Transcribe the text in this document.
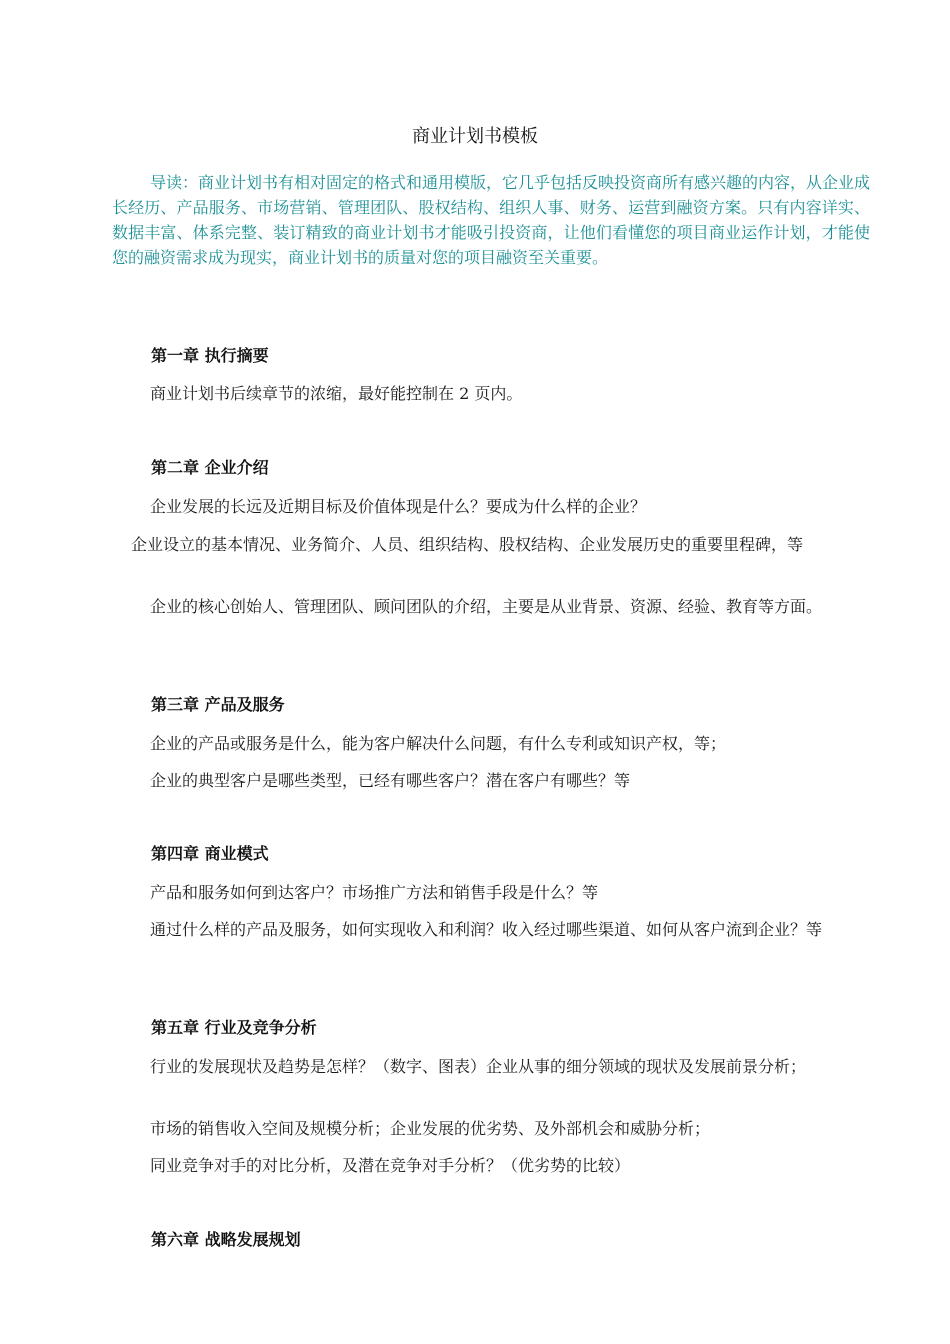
商业计划书模板

导读：商业计划书有相对固定的格式和通用模版，它几乎包括反映投资商所有感兴趣的内容，从企业成长经历、产品服务、市场营销、管理团队、股权结构、组织人事、财务、运营到融资方案。只有内容详实、数据丰富、体系完整、装订精致的商业计划书才能吸引投资商，让他们看懂您的项目商业运作计划，才能使您的融资需求成为现实，商业计划书的质量对您的项目融资至关重要。

第一章 执行摘要

商业计划书后续章节的浓缩，最好能控制在 2 页内。

第二章 企业介绍

企业发展的长远及近期目标及价值体现是什么？要成为什么样的企业？

企业设立的基本情况、业务简介、人员、组织结构、股权结构、企业发展历史的重要里程碑，等

企业的核心创始人、管理团队、顾问团队的介绍，主要是从业背景、资源、经验、教育等方面。

第三章 产品及服务

企业的产品或服务是什么，能为客户解决什么问题，有什么专利或知识产权，等；

企业的典型客户是哪些类型，已经有哪些客户？潜在客户有哪些？等

第四章 商业模式

产品和服务如何到达客户？市场推广方法和销售手段是什么？等

通过什么样的产品及服务，如何实现收入和利润？收入经过哪些渠道、如何从客户流到企业？等

第五章 行业及竞争分析

行业的发展现状及趋势是怎样？（数字、图表）企业从事的细分领域的现状及发展前景分析；

市场的销售收入空间及规模分析；企业发展的优劣势、及外部机会和威胁分析；

同业竞争对手的对比分析，及潜在竞争对手分析？（优劣势的比较）

第六章 战略发展规划
